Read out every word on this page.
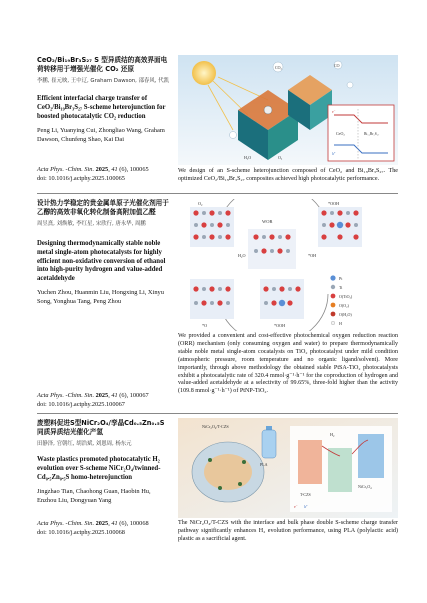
CeO₂/Bi₁₉Br₃S₂₇ S 型异质结的高效界面电荷转移用于增强光催化 CO₂ 还原

李鹏, 崔元映, 王中辽, Graham Dawson, 邵春风, 代凯
Efficient interfacial charge transfer of CeO₂/Bi₁₉Br₃S₂₇ S-scheme heterojunction for boosted photocatalytic CO₂ reduction
Peng Li, Yuanying Cui, Zhongliao Wang, Graham Dawson, Chunfeng Shao, Kai Dai
Acta Phys. -Chim. Sin. 2025, 41 (6), 100065
doi: 10.1016/j.actphy.2025.100065
CO₂	CO
CeO₂	Bi₁₉Br₃S₂₇
e⁻
h⁺
H₂O	O₂
We design of an S-scheme heterojunction composed of CeO₂ and Bi₁₉Br₃S₂₇. The optimized CeO₂/Bi₁₉Br₃S₂₇ composites achieved high photocatalytic performance.

设计热力学稳定的贵金属单原子光催化剂用于乙醇的高效非氧化转化制备高附加值乙醛

周昱熹, 刘焕敏, 李红星, 宋欣行, 唐永华, 周鹏
Designing thermodynamically stable noble metal single-atom photocatalysts for highly efficient non-oxidative conversion of ethanol into high-purity hydrogen and value-added acetaldehyde
Yuchen Zhou, Huanmin Liu, Hongxing Li, Xinyu Song, Yonghua Tang, Peng Zhou
Acta Phys. -Chim. Sin. 2025, 41 (6), 100067
doi: 10.1016/j.actphy.2025.100067
WOR
O₂	*OOH
H₂O	*OH
*O	*OOH
Pt
Ti
O(TiO₂)
O(O₂)
O(H₂O)
H
We provided a convenient and cost-effective photochemical oxygen reduction reaction (ORR) mechanism (only consuming oxygen and water) to prepare thermodynamically stable noble metal single-atom cocatalysts on TiO₂ photocatalyst under mild condition (atmospheric pressure, room temperature and no organic ligand/solvent). More importantly, through above methodology the obtained stable PtSA-TiO₂ photocatalysts exhibit a photocatalytic rate of 320.4 mmol·g⁻¹·h⁻¹ for the coproduction of hydrogen and value-added acetaldehyde at a selectivity of 99.65%, three-fold higher than the activity (109.8 mmol·g⁻¹·h⁻¹) of PtNP-TiO₂.

废塑料促进S型NiCr₂O₄/孪晶Cd₀.₅Zn₀.₅S同质异质结光催化产氢

田静泽, 官朝红, 胡浩斌, 刘恩周, 杨东元
Waste plastics promoted photocatalytic H₂ evolution over S-scheme NiCr₂O₄/twinned-Cd₀.₅Zn₀.₅S homo-heterojunction
Jingzhao Tian, Chaohong Guan, Haobin Hu, Enzhou Liu, Dongyuan Yang
Acta Phys. -Chim. Sin. 2025, 41 (6), 100068
doi: 10.1016/j.actphy.2025.100068
NiCr₂O₄/T-CZS
PLA
T-CZS
NiCr₂O₄
H₂
e⁻ h⁺
The NiCr₂O₄/T-CZS with the interface and bulk phase double S-scheme charge transfer pathway significantly enhances H₂ evolution performance, using PLA (polylactic acid) plastic as a sacrificial agent.
